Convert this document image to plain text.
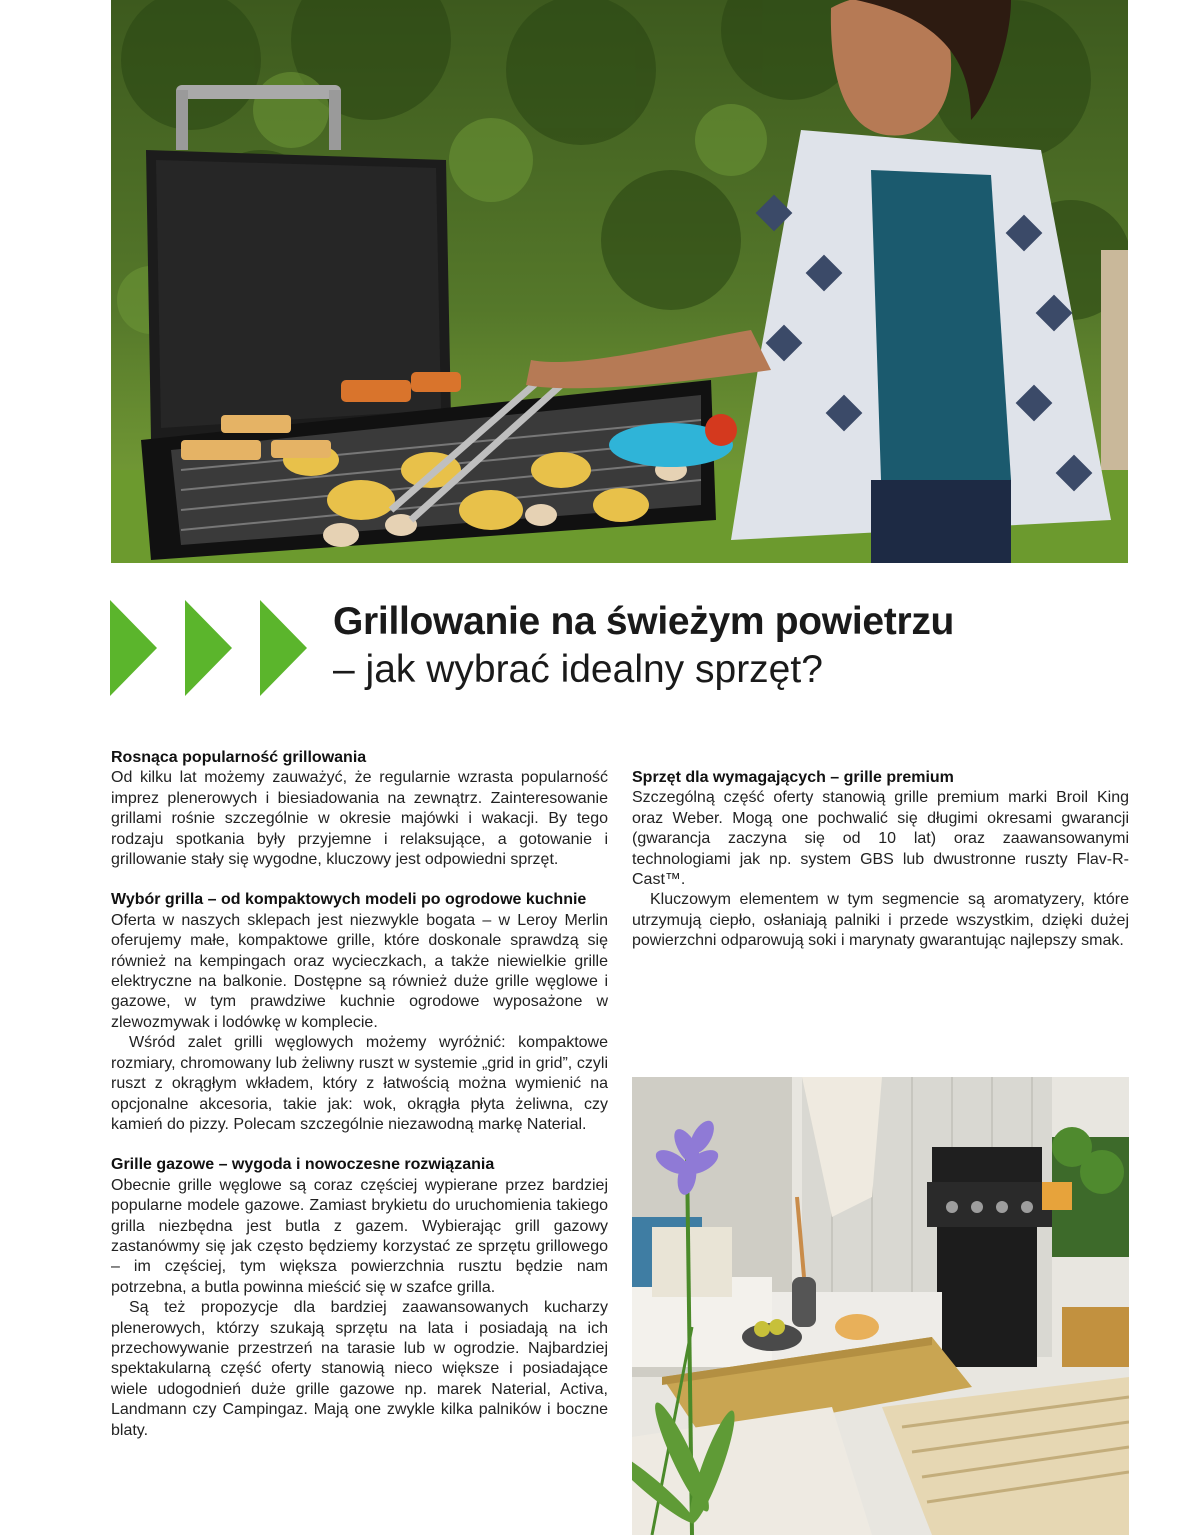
Grillowanie na świeżym powietrzu
– jak wybrać idealny sprzęt?
Rosnąca popularność grillowania

Od kilku lat możemy zauważyć, że regularnie wzrasta popularność imprez plenerowych i biesiadowania na zewnątrz. Zainteresowanie grillami rośnie szczególnie w okresie majówki i wakacji. By tego rodzaju spotkania były przyjemne i relaksujące, a gotowanie i grillowanie stały się wygodne, kluczowy jest odpowiedni sprzęt.

Wybór grilla – od kompaktowych modeli po ogrodowe kuchnie

Oferta w naszych sklepach jest niezwykle bogata – w Leroy Merlin oferujemy małe, kompaktowe grille, które doskonale sprawdzą się również na kempingach oraz wycieczkach, a także niewielkie grille elektryczne na balkonie. Dostępne są również duże grille węglowe i gazowe, w tym prawdziwe kuchnie ogrodowe wyposażone w zlewozmywak i lodówkę w komplecie.

Wśród zalet grilli węglowych możemy wyróżnić: kompaktowe rozmiary, chromowany lub żeliwny ruszt w systemie „grid in grid”, czyli ruszt z okrągłym wkładem, który z łatwością można wymienić na opcjonalne akcesoria, takie jak: wok, okrągła płyta żeliwna, czy kamień do pizzy. Polecam szczególnie niezawodną markę Naterial.

Grille gazowe – wygoda i nowoczesne rozwiązania

Obecnie grille węglowe są coraz częściej wypierane przez bardziej popularne modele gazowe. Zamiast brykietu do uruchomienia takiego grilla niezbędna jest butla z gazem. Wybierając grill gazowy zastanówmy się jak często będziemy korzystać ze sprzętu grillowego – im częściej, tym większa powierzchnia rusztu będzie nam potrzebna, a butla powinna mieścić się w szafce grilla.

Są też propozycje dla bardziej zaawansowanych kucharzy plenerowych, którzy szukają sprzętu na lata i posiadają na ich przechowywanie przestrzeń na tarasie lub w ogrodzie. Najbardziej spektakularną część oferty stanowią nieco większe i posiadające wiele udogodnień duże grille gazowe np. marek Naterial, Activa, Landmann czy Campingaz. Mają one zwykle kilka palników i boczne blaty.

Sprzęt dla wymagających – grille premium

Szczególną część oferty stanowią grille premium marki Broil King oraz Weber. Mogą one pochwalić się długimi okresami gwarancji (gwarancja zaczyna się od 10 lat) oraz zaawansowanymi technologiami jak np. system GBS lub dwustronne ruszty Flav-R-Cast™.

Kluczowym elementem w tym segmencie są aromatyzery, które utrzymują ciepło, osłaniają palniki i przede wszystkim, dzięki dużej powierzchni odparowują soki i marynaty gwarantując najlepszy smak.
